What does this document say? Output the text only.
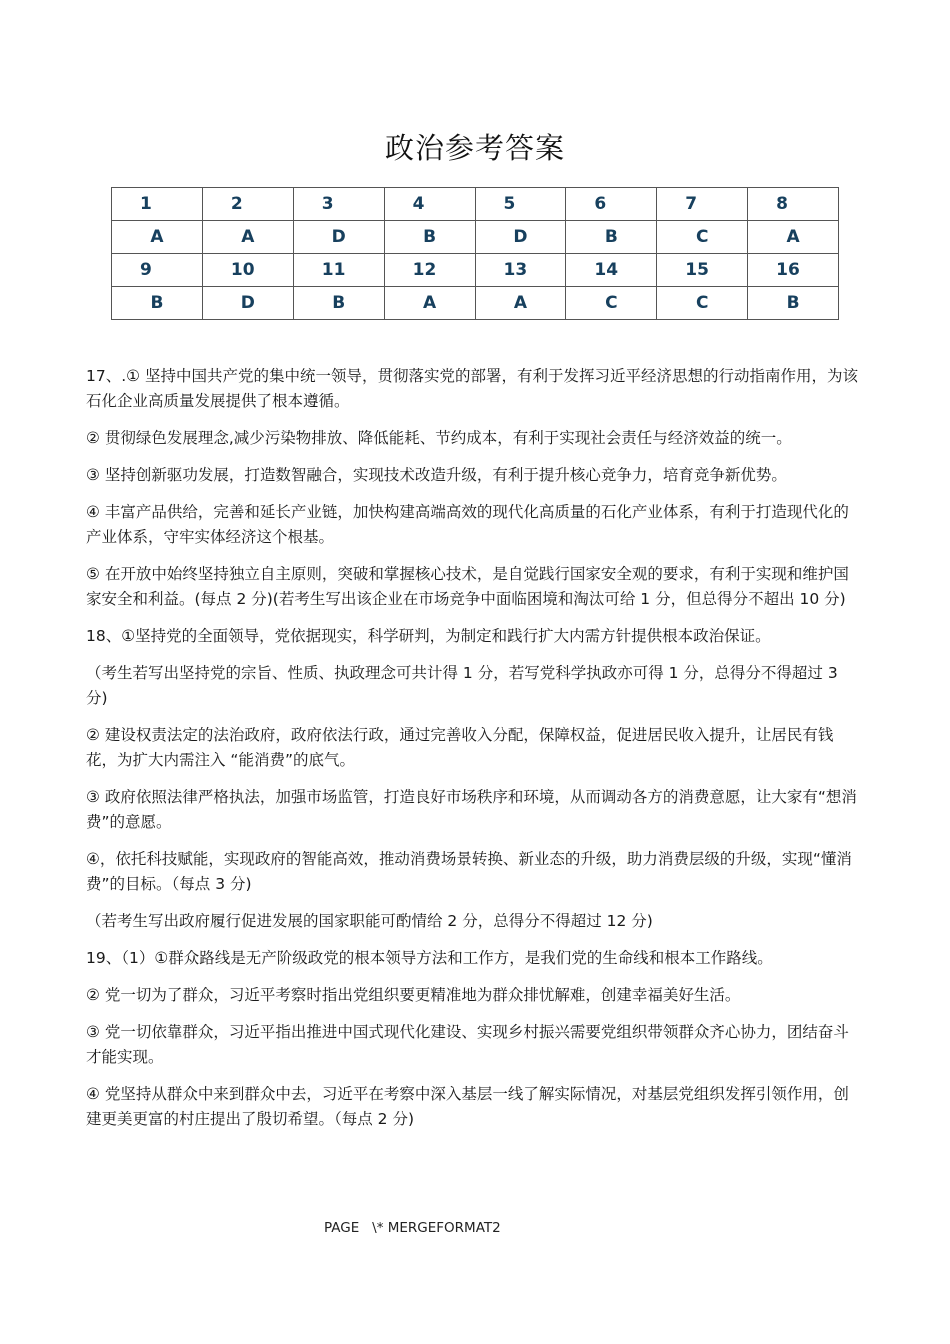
政治参考答案
1	2	3	4	5	6	7	8
A	A	D	B	D	B	C	A
9	10	11	12	13	14	15	16
B	D	B	A	A	C	C	B

17、.① 坚持中国共产党的集中统一领导，贯彻落实党的部署，有利于发挥习近平经济思想的行动指南作用，为该石化企业高质量发展提供了根本遵循。

② 贯彻绿色发展理念,减少污染物排放、降低能耗、节约成本，有利于实现社会责任与经济效益的统一。

③ 坚持创新驱功发展，打造数智融合，实现技术改造升级，有利于提升核心竞争力，培育竞争新优势。

④ 丰富产品供给，完善和延长产业链，加快构建高端高效的现代化高质量的石化产业体系，有利于打造现代化的产业体系，守牢实体经济这个根基。

⑤ 在开放中始终坚持独立自主原则，突破和掌握核心技术，是自觉践行国家安全观的要求，有利于实现和维护国家安全和利益。(每点 2 分)(若考生写出该企业在市场竞争中面临困境和淘汰可给 1 分，但总得分不超出 10 分)

18、①坚持党的全面领导，党依据现实，科学研判，为制定和践行扩大内需方针提供根本政治保证。

（考生若写出坚持党的宗旨、性质、执政理念可共计得 1 分，若写党科学执政亦可得 1 分，总得分不得超过 3 分)

② 建设权责法定的法治政府，政府依法行政，通过完善收入分配，保障权益，促进居民收入提升，让居民有钱花，为扩大内需注入 “能消费”的底气。

③ 政府依照法律严格执法，加强市场监管，打造良好市场秩序和环境，从而调动各方的消费意愿，让大家有“想消费”的意愿。

④，依托科技赋能，实现政府的智能高效，推动消费场景转换、新业态的升级，助力消费层级的升级，实现“懂消费”的目标。（每点 3 分)

（若考生写出政府履行促进发展的国家职能可酌情给 2 分，总得分不得超过 12 分)

19、（1）①群众路线是无产阶级政党的根本领导方法和工作方，是我们党的生命线和根本工作路线。

② 党一切为了群众，习近平考察时指出党组织要更精准地为群众排忧解难，创建幸福美好生活。

③ 党一切依靠群众，习近平指出推进中国式现代化建设、实现乡村振兴需要党组织带领群众齐心协力，团结奋斗才能实现。

④ 党坚持从群众中来到群众中去，习近平在考察中深入基层一线了解实际情况，对基层党组织发挥引领作用，创建更美更富的村庄提出了殷切希望。（每点 2 分)

PAGE   \* MERGEFORMAT2
